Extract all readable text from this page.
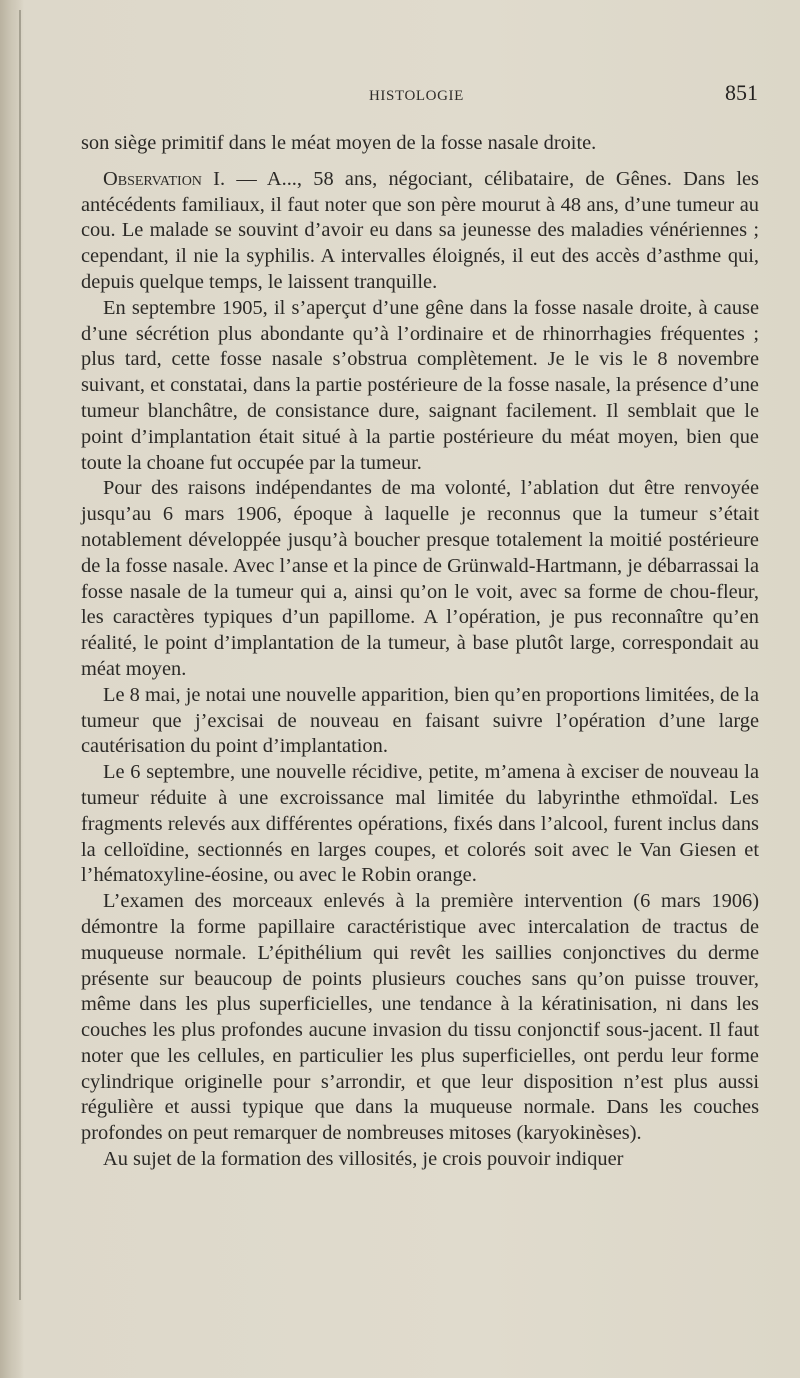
HISTOLOGIE	851

son siège primitif dans le méat moyen de la fosse nasale droite.

Observation I. — A..., 58 ans, négociant, célibataire, de Gênes. Dans les antécédents familiaux, il faut noter que son père mourut à 48 ans, d’une tumeur au cou. Le malade se souvint d’avoir eu dans sa jeunesse des maladies vénériennes ; cependant, il nie la syphilis. A intervalles éloignés, il eut des accès d’asthme qui, depuis quelque temps, le laissent tranquille.

En septembre 1905, il s’aperçut d’une gêne dans la fosse nasale droite, à cause d’une sécrétion plus abondante qu’à l’ordinaire et de rhinorrhagies fréquentes ; plus tard, cette fosse nasale s’obstrua complètement. Je le vis le 8 novembre suivant, et constatai, dans la partie postérieure de la fosse nasale, la présence d’une tumeur blanchâtre, de consistance dure, saignant facilement. Il semblait que le point d’implantation était situé à la partie postérieure du méat moyen, bien que toute la choane fut occupée par la tumeur.

Pour des raisons indépendantes de ma volonté, l’ablation dut être renvoyée jusqu’au 6 mars 1906, époque à laquelle je reconnus que la tumeur s’était notablement développée jusqu’à boucher presque totalement la moitié postérieure de la fosse nasale. Avec l’anse et la pince de Grünwald-Hartmann, je débarrassai la fosse nasale de la tumeur qui a, ainsi qu’on le voit, avec sa forme de chou-fleur, les caractères typiques d’un papillome. A l’opération, je pus reconnaître qu’en réalité, le point d’implantation de la tumeur, à base plutôt large, correspondait au méat moyen.

Le 8 mai, je notai une nouvelle apparition, bien qu’en proportions limitées, de la tumeur que j’excisai de nouveau en faisant suivre l’opération d’une large cautérisation du point d’implantation.

Le 6 septembre, une nouvelle récidive, petite, m’amena à exciser de nouveau la tumeur réduite à une excroissance mal limitée du labyrinthe ethmoïdal. Les fragments relevés aux différentes opérations, fixés dans l’alcool, furent inclus dans la celloïdine, sectionnés en larges coupes, et colorés soit avec le Van Giesen et l’hématoxyline-éosine, ou avec le Robin orange.

L’examen des morceaux enlevés à la première intervention (6 mars 1906) démontre la forme papillaire caractéristique avec intercalation de tractus de muqueuse normale. L’épithélium qui revêt les saillies conjonctives du derme présente sur beaucoup de points plusieurs couches sans qu’on puisse trouver, même dans les plus superficielles, une tendance à la kératinisation, ni dans les couches les plus profondes aucune invasion du tissu conjonctif sous-jacent. Il faut noter que les cellules, en particulier les plus superficielles, ont perdu leur forme cylindrique originelle pour s’arrondir, et que leur disposition n’est plus aussi régulière et aussi typique que dans la muqueuse normale. Dans les couches profondes on peut remarquer de nombreuses mitoses (karyokinèses).

Au sujet de la formation des villosités, je crois pouvoir indiquer
